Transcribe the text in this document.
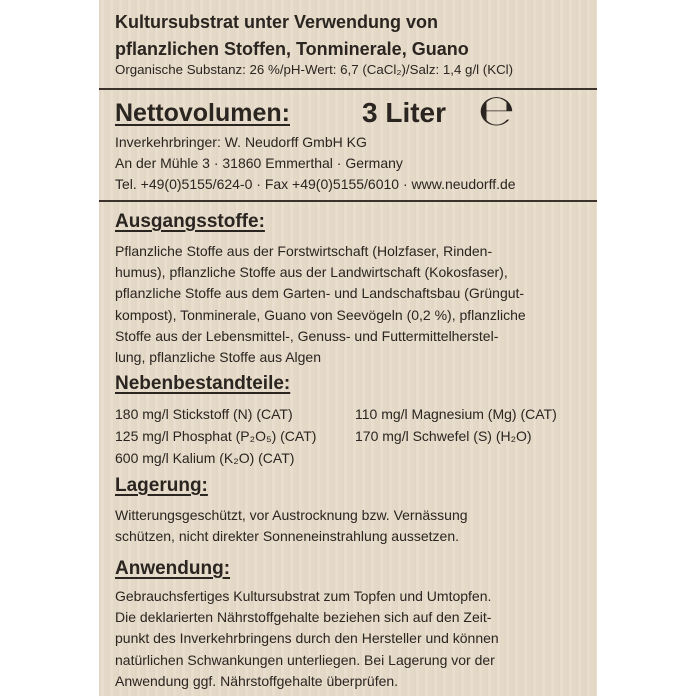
Kultursubstrat unter Verwendung von
pflanzlichen Stoffen, Tonminerale, Guano
Organische Substanz: 26 %/pH-Wert: 6,7 (CaCl₂)/Salz: 1,4 g/l (KCl)
Nettovolumen:	3 Liter ℮
Inverkehrbringer: W. Neudorff GmbH KG
An der Mühle 3 · 31860 Emmerthal · Germany
Tel. +49(0)5155/624-0 · Fax +49(0)5155/6010 · www.neudorff.de
Ausgangsstoffe:
Pflanzliche Stoffe aus der Forstwirtschaft (Holzfaser, Rinden-
humus), pflanzliche Stoffe aus der Landwirtschaft (Kokosfaser),
pflanzliche Stoffe aus dem Garten- und Landschaftsbau (Grüngut-
kompost), Tonminerale, Guano von Seevögeln (0,2 %), pflanzliche
Stoffe aus der Lebensmittel-, Genuss- und Futtermittelherstel-
lung, pflanzliche Stoffe aus Algen
Nebenbestandteile:
180 mg/l Stickstoff (N) (CAT)
125 mg/l Phosphat (P₂O₅) (CAT)
600 mg/l Kalium (K₂O) (CAT)
110 mg/l Magnesium (Mg) (CAT)
170 mg/l Schwefel (S) (H₂O)
Lagerung:
Witterungsgeschützt, vor Austrocknung bzw. Vernässung
schützen, nicht direkter Sonneneinstrahlung aussetzen.
Anwendung:
Gebrauchsfertiges Kultursubstrat zum Topfen und Umtopfen.
Die deklarierten Nährstoffgehalte beziehen sich auf den Zeit-
punkt des Inverkehrbringens durch den Hersteller und können
natürlichen Schwankungen unterliegen. Bei Lagerung vor der
Anwendung ggf. Nährstoffgehalte überprüfen.
